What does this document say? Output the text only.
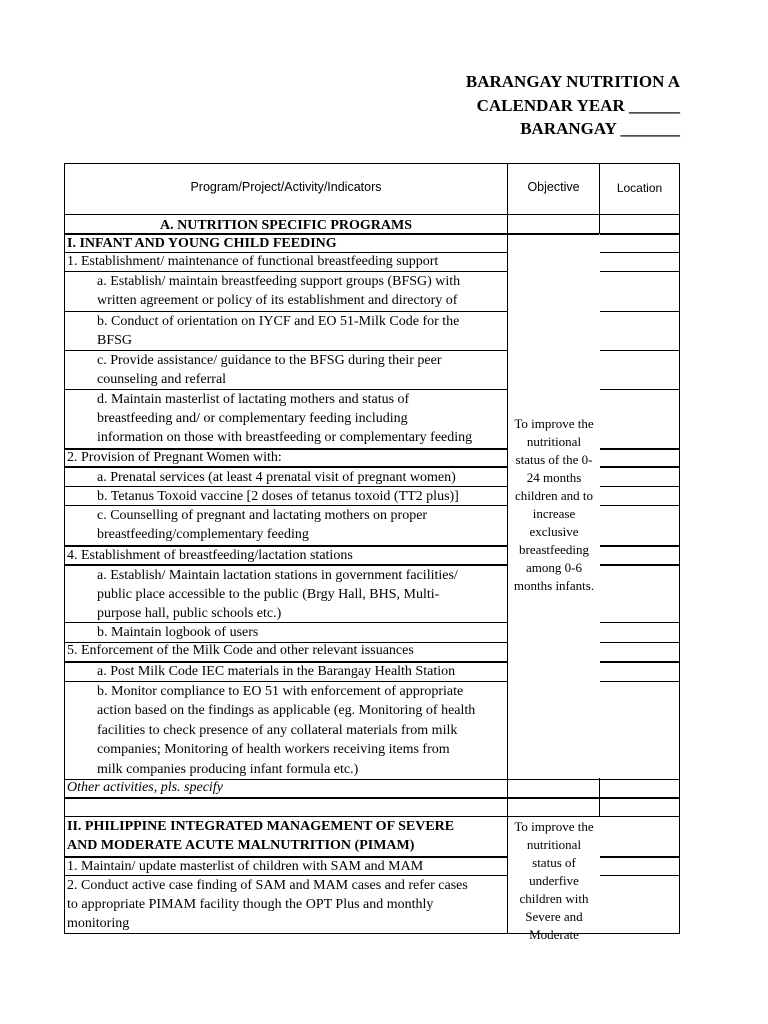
BARANGAY NUTRITION A
CALENDAR YEAR ______
BARANGAY _______
Program/Project/Activity/Indicators	Objective	Location
A. NUTRITION SPECIFIC PROGRAMS
I. INFANT AND YOUNG CHILD FEEDING
1. Establishment/ maintenance of functional breastfeeding support
a. Establish/ maintain breastfeeding support groups (BFSG) with
written agreement or policy of its establishment and directory of
b. Conduct of orientation on IYCF and EO 51-Milk Code for the
BFSG
c. Provide assistance/ guidance to the BFSG during their peer
counseling and referral
d. Maintain masterlist of lactating mothers and status of
breastfeeding and/ or complementary feeding including
information on those with breastfeeding or complementary feeding
2. Provision of Pregnant Women with:
a. Prenatal services (at least 4 prenatal visit of pregnant women)
b. Tetanus Toxoid vaccine [2 doses of tetanus toxoid (TT2 plus)]
c. Counselling of pregnant and lactating mothers on proper
breastfeeding/complementary feeding
4. Establishment of breastfeeding/lactation stations
a. Establish/ Maintain lactation stations in government facilities/
public place accessible to the public (Brgy Hall, BHS, Multi-
purpose hall, public schools etc.)
b. Maintain logbook of users
5. Enforcement of the Milk Code and other relevant issuances
a. Post Milk Code IEC materials in the Barangay Health Station
b. Monitor compliance to EO 51 with enforcement of appropriate
action based on the findings as applicable (eg. Monitoring of health
facilities to check presence of any collateral materials from milk
companies; Monitoring of health workers receiving items from
milk companies producing infant formula etc.)
Other activities, pls. specify
II. PHILIPPINE INTEGRATED MANAGEMENT OF SEVERE
AND MODERATE ACUTE MALNUTRITION (PIMAM)
1. Maintain/ update masterlist of children with SAM and MAM
2. Conduct active case finding of SAM and MAM cases and refer cases
to appropriate PIMAM facility though the OPT Plus and monthly
monitoring
To improve the
nutritional
status of the 0-
24 months
children and to
increase
exclusive
breastfeeding
among 0-6
months infants.
To improve the
nutritional
status of
underfive
children with
Severe and
Moderate
